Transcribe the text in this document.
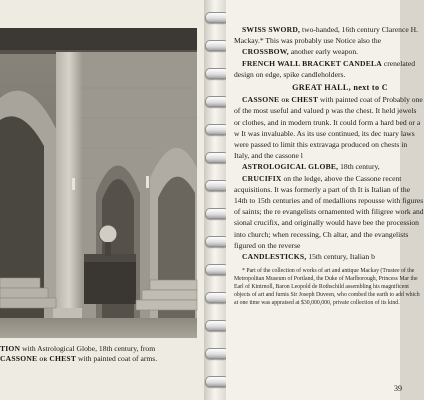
TION with Astrological Globe, 18th century, from
CASSONE or CHEST with painted coat of arms.

SWISS SWORD, two-handed, 16th century Clarence H. Mackay.* This was probably use Notice also the

CROSSBOW, another early weapon.

FRENCH WALL BRACKET CANDELA crenelated design on edge, spike candleholders.

GREAT HALL, next to C

CASSONE or CHEST with painted coat of Probably one of the most useful and valued p was the chest. It held jewels or clothes, and in modern trunk. It could form a hard bed or a w It was invaluable. As its use continued, its dec tuary laws were passed to limit this extravaga produced on chests in Italy, and the cassone l

ASTROLOGICAL GLOBE, 18th century,

CRUCIFIX on the ledge, above the Cassone recent acquisitions. It was formerly a part of th It is Italian of the 14th to 15th centuries and of medallions repousse with figures of saints; the re evangelists ornamented with filigree work and sional crucifix, and originally would have bee the procession into church; when recessing, Ch altar, and the evangelists figured on the reverse

CANDLESTICKS, 15th century, Italian b

* Part of the collection of works of art and antique Mackay (Trustee of the Metropolitan Museum of Portland, the Duke of Marlborough, Princess Mar the Earl of Kintrnoll, Baron Leopold de Rothschild assembling his magnificent objects of art and furnis Sir Joseph Duveen, who combed the earth to add which at one time was appraised at $30,000,000, private collection of its kind.

39
